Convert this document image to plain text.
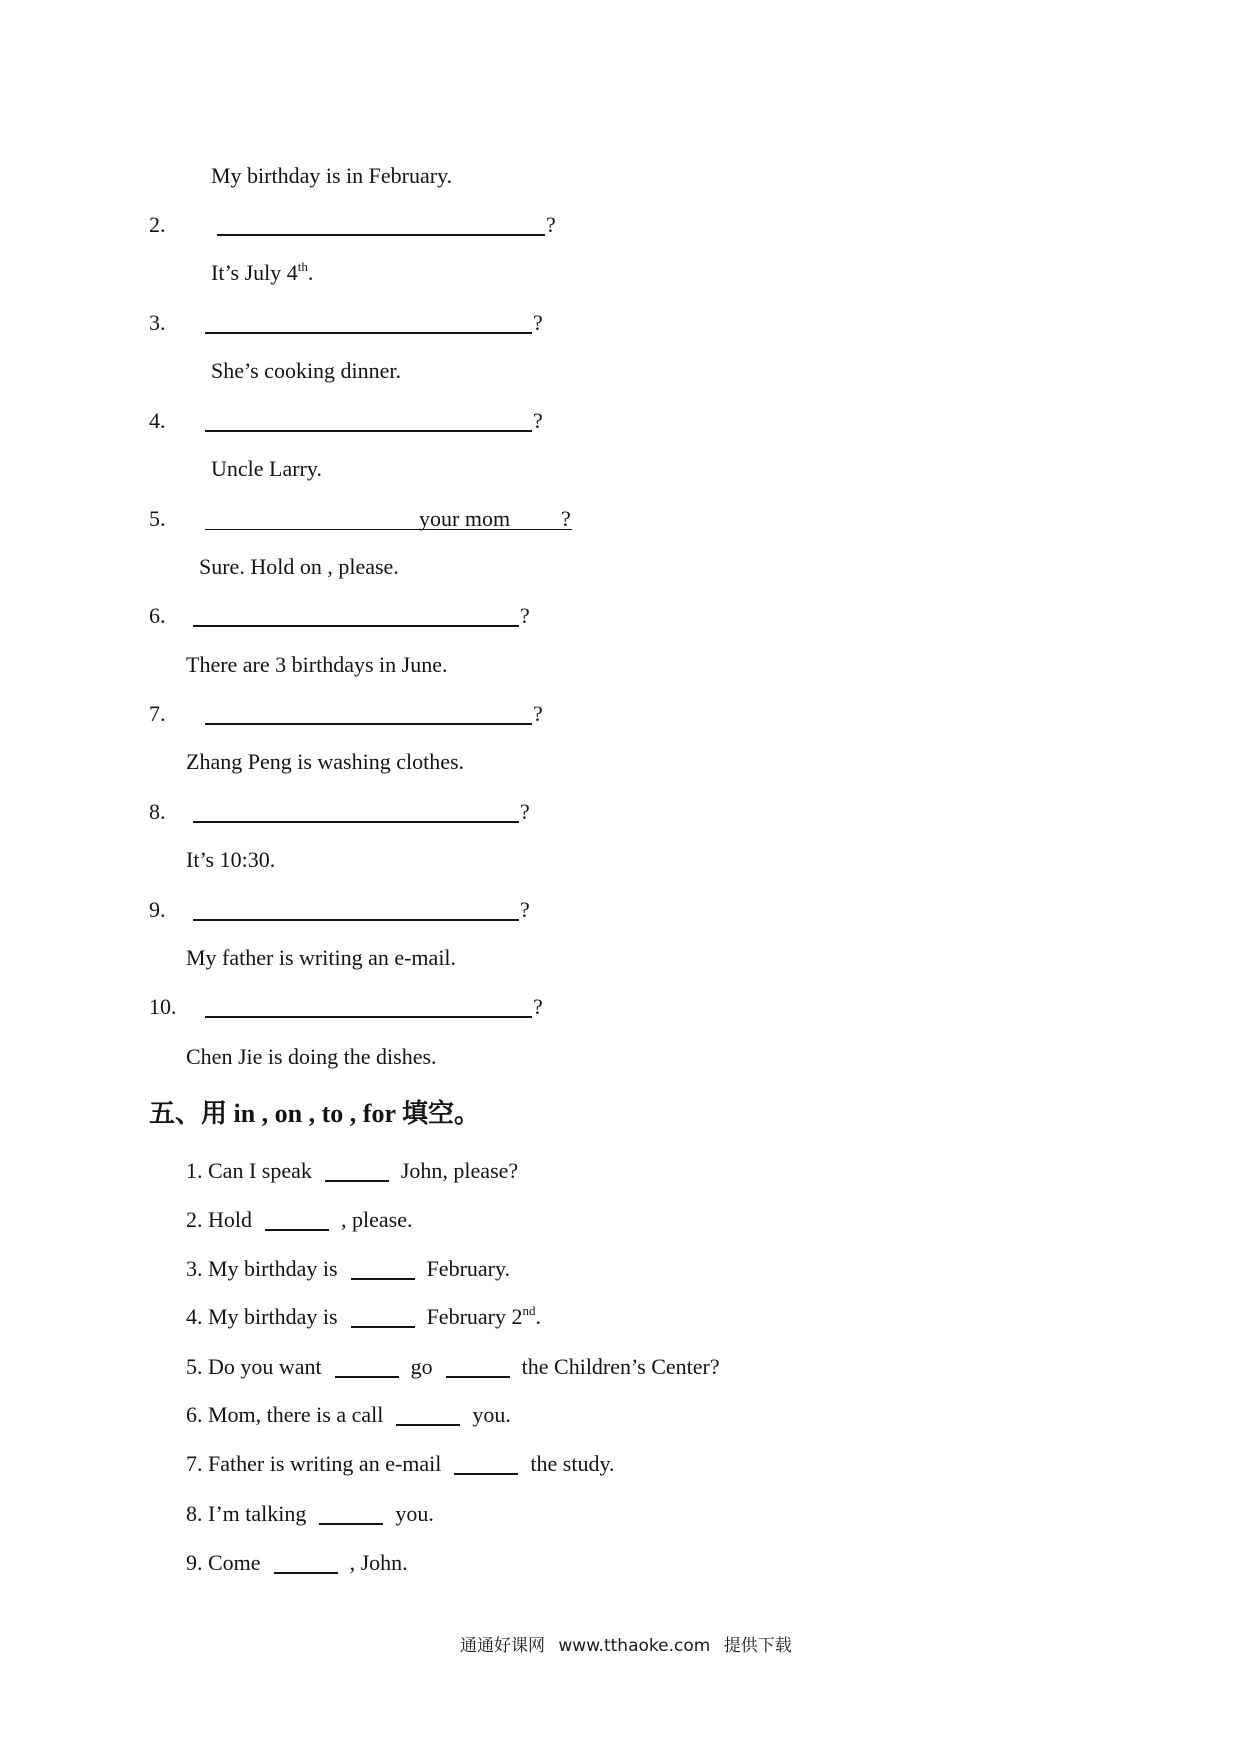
My birthday is in February.
2.	?
It’s July 4th.
3.	?
She’s cooking dinner.
4.	?
Uncle Larry.
5.	your mom ?
Sure. Hold on , please.
6.	?
There are 3 birthdays in June.
7.	?
Zhang Peng is washing clothes.
8.	?
It’s 10:30.
9.	?
My father is writing an e-mail.
10.	?
Chen Jie is doing the dishes.
五、用 in , on , to , for 填空。
1. Can I speak	John, please?
2. Hold	, please.
3. My birthday is	February.
4. My birthday is	February 2nd.
5. Do you want	go	the Children’s Center?
6. Mom, there is a call	you.
7. Father is writing an e-mail	the study.
8. I’m talking	you.
9. Come	, John.
通通好课网 www.tthaoke.com 提供下载
